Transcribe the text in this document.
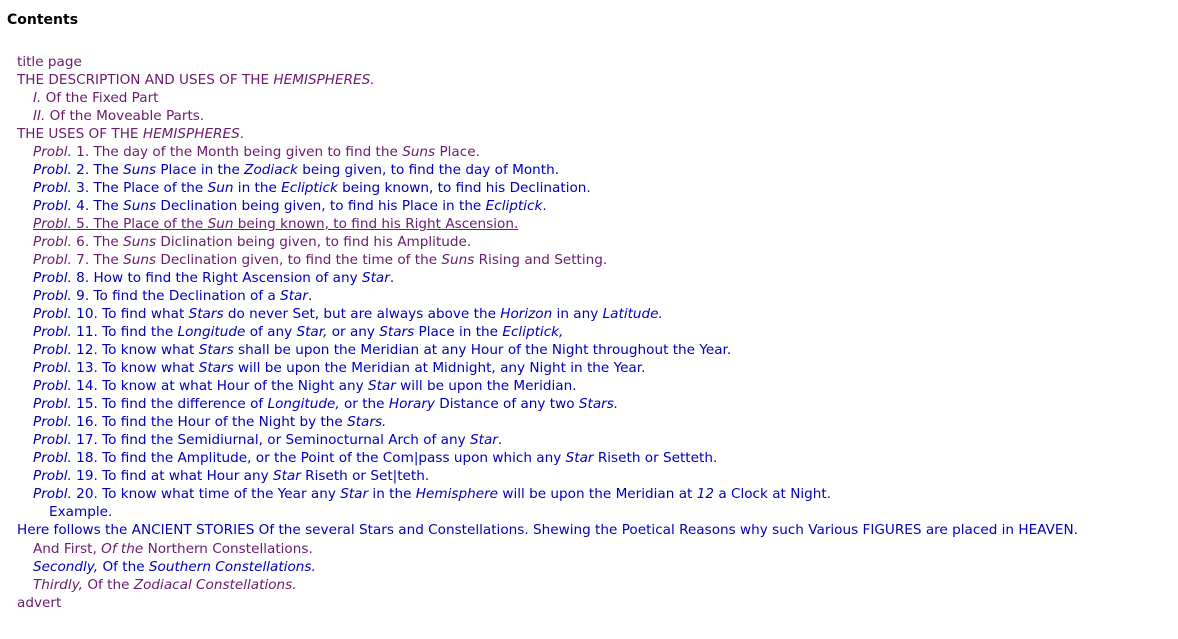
Contents
title page
THE DESCRIPTION AND USES OF THE HEMISPHERES.
I. Of the Fixed Part
II. Of the Moveable Parts.
THE USES OF THE HEMISPHERES.
Probl. 1. The day of the Month being given to find the Suns Place.
Probl. 2. The Suns Place in the Zodiack being given, to find the day of Month.
Probl. 3. The Place of the Sun in the Ecliptick being known, to find his Declination.
Probl. 4. The Suns Declination being given, to find his Place in the Ecliptick.
Probl. 5. The Place of the Sun being known, to find his Right Ascension.
Probl. 6. The Suns Diclination being given, to find his Amplitude.
Probl. 7. The Suns Declination given, to find the time of the Suns Rising and Setting.
Probl. 8. How to find the Right Ascension of any Star.
Probl. 9. To find the Declination of a Star.
Probl. 10. To find what Stars do never Set, but are always above the Horizon in any Latitude.
Probl. 11. To find the Longitude of any Star, or any Stars Place in the Ecliptick,
Probl. 12. To know what Stars shall be upon the Meridian at any Hour of the Night throughout the Year.
Probl. 13. To know what Stars will be upon the Meridian at Midnight, any Night in the Year.
Probl. 14. To know at what Hour of the Night any Star will be upon the Meridian.
Probl. 15. To find the difference of Longitude, or the Horary Distance of any two Stars.
Probl. 16. To find the Hour of the Night by the Stars.
Probl. 17. To find the Semidiurnal, or Seminocturnal Arch of any Star.
Probl. 18. To find the Amplitude, or the Point of the Com|pass upon which any Star Riseth or Setteth.
Probl. 19. To find at what Hour any Star Riseth or Set|teth.
Probl. 20. To know what time of the Year any Star in the Hemisphere will be upon the Meridian at 12 a Clock at Night.
Example.
Here follows the ANCIENT STORIES Of the several Stars and Constellations. Shewing the Poetical Reasons why such Various FIGURES are placed in HEAVEN.
And First, Of the Northern Constellations.
Secondly, Of the Southern Constellations.
Thirdly, Of the Zodiacal Constellations.
advert
